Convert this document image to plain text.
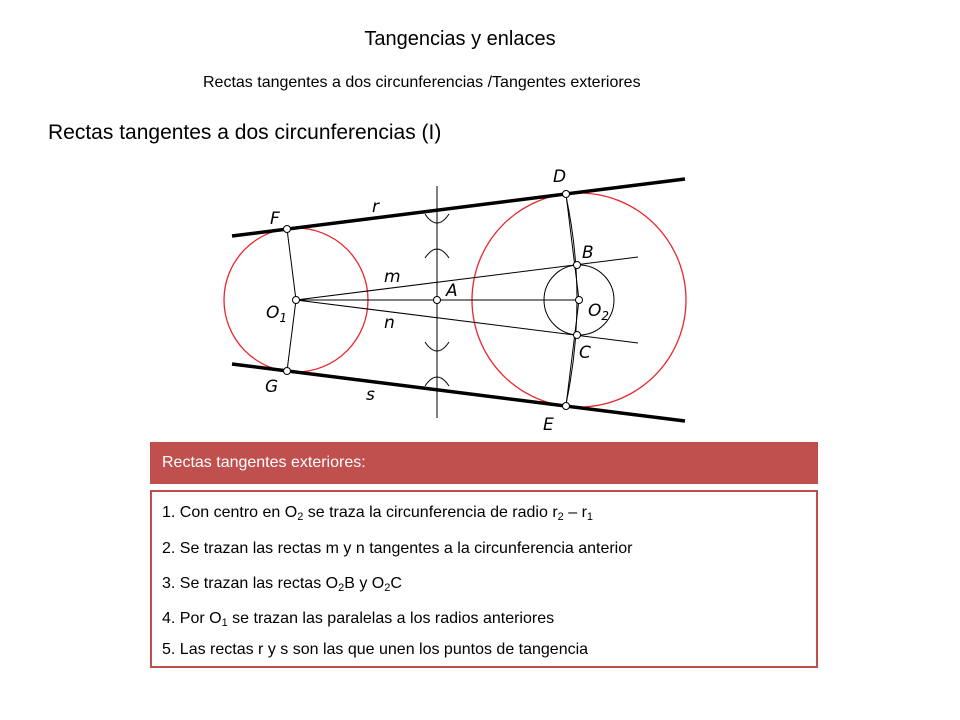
Tangencias y enlaces
Rectas tangentes a dos circunferencias /Tangentes exteriores
Rectas tangentes a dos circunferencias (I)
D
F
r
B
m
A
$O_1$	$O_2$
n
C
G	s
E
Rectas tangentes exteriores:
1. Con centro en $O_2$ se traza la circunferencia de radio $r_2 - r_1$
2. Se trazan las rectas m y n tangentes a la circunferencia anterior
3. Se trazan las rectas $O_2B$ y $O_2C$
4. Por $O_1$ se trazan las paralelas a los radios anteriores
5. Las rectas r y s son las que unen los puntos de tangencia
